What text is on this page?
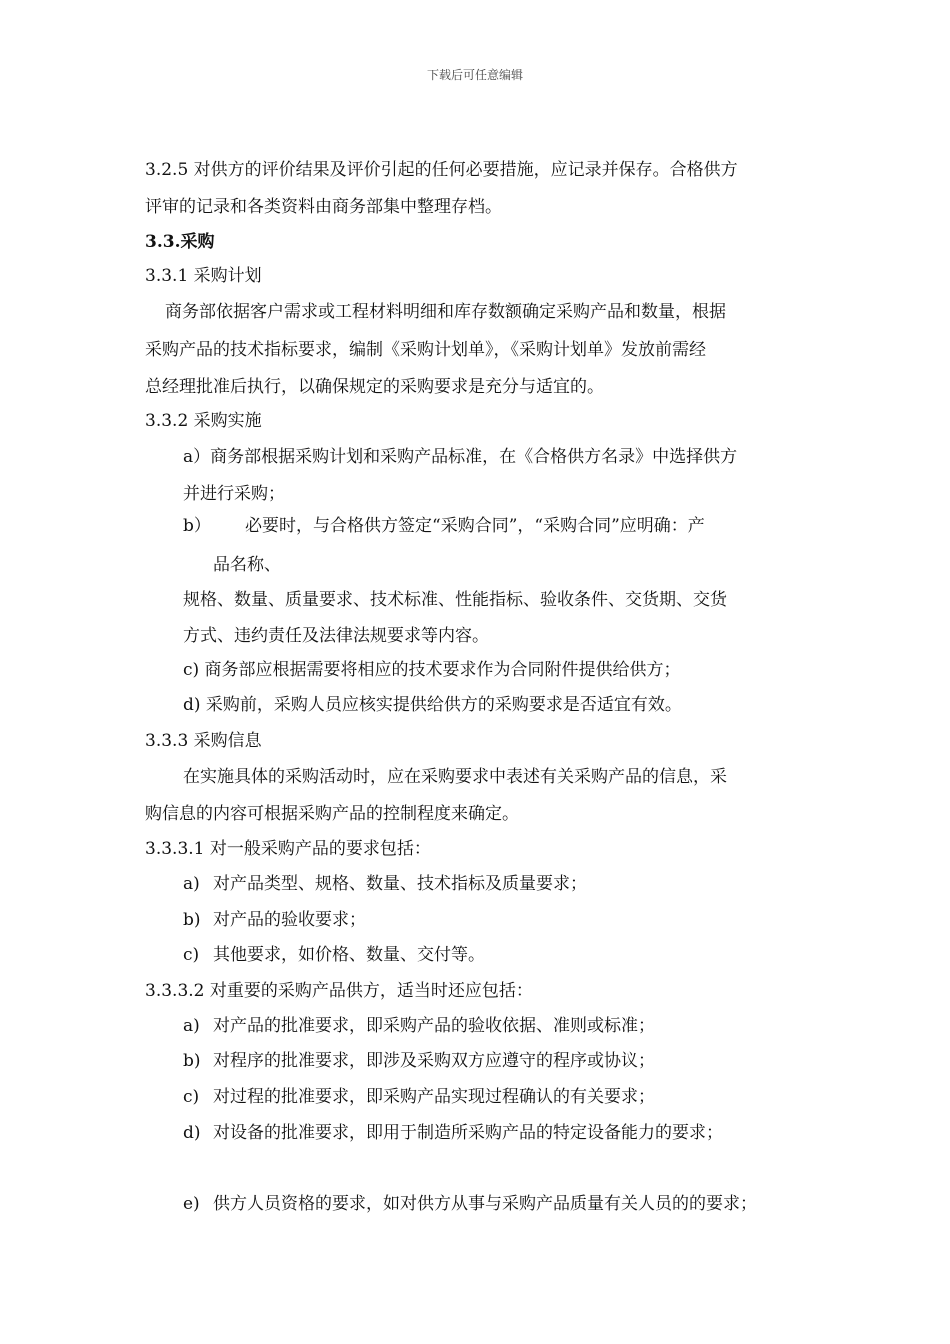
下载后可任意编辑
3.2.5 对供方的评价结果及评价引起的任何必要措施，应记录并保存。合格供方
评审的记录和各类资料由商务部集中整理存档。
3.3.采购
3.3.1 采购计划
商务部依据客户需求或工程材料明细和库存数额确定采购产品和数量，根据
采购产品的技术指标要求，编制《采购计划单》，《采购计划单》发放前需经
总经理批准后执行，以确保规定的采购要求是充分与适宜的。
3.3.2 采购实施
a）商务部根据采购计划和采购产品标准，在《合格供方名录》中选择供方
并进行采购；
b） 必要时，与合格供方签定“采购合同”，“采购合同”应明确：产
品名称、
规格、数量、质量要求、技术标准、性能指标、验收条件、交货期、交货
方式、违约责任及法律法规要求等内容。
c) 商务部应根据需要将相应的技术要求作为合同附件提供给供方；
d) 采购前，采购人员应核实提供给供方的采购要求是否适宜有效。
3.3.3 采购信息
在实施具体的采购活动时，应在采购要求中表述有关采购产品的信息，采
购信息的内容可根据采购产品的控制程度来确定。
3.3.3.1 对一般采购产品的要求包括：
a) 对产品类型、规格、数量、技术指标及质量要求；
b) 对产品的验收要求；
c) 其他要求，如价格、数量、交付等。
3.3.3.2 对重要的采购产品供方，适当时还应包括：
a) 对产品的批准要求，即采购产品的验收依据、准则或标准；
b) 对程序的批准要求，即涉及采购双方应遵守的程序或协议；
c) 对过程的批准要求，即采购产品实现过程确认的有关要求；
d) 对设备的批准要求，即用于制造所采购产品的特定设备能力的要求；
e) 供方人员资格的要求，如对供方从事与采购产品质量有关人员的的要求；
